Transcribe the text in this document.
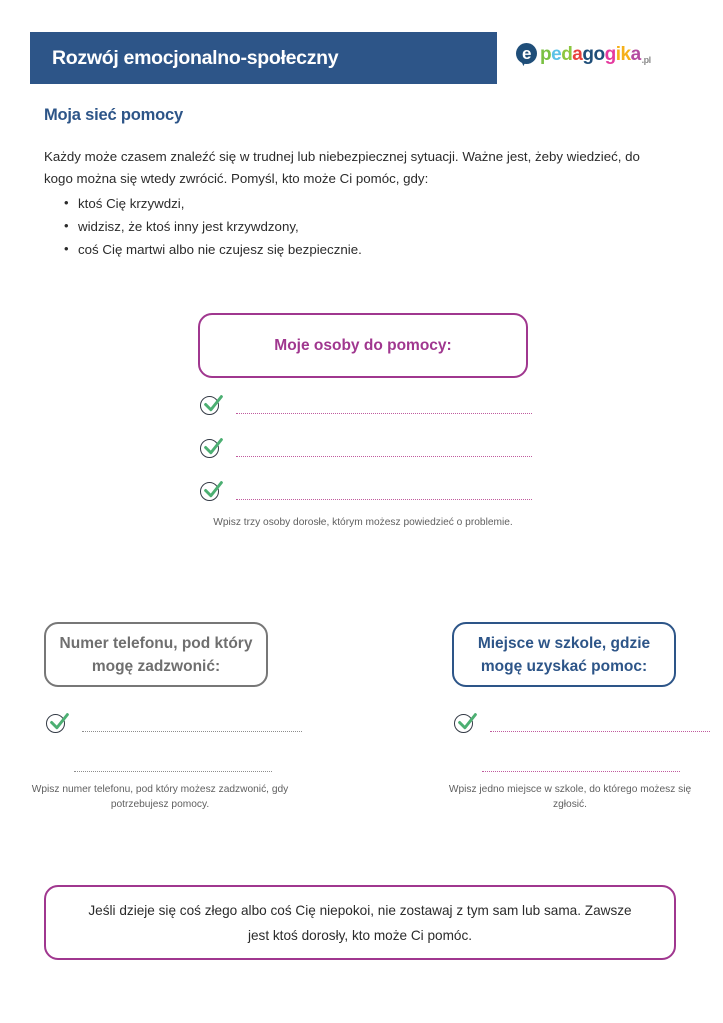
Rozwój emocjonalno-społeczny	e pedagogika .pl
Moja sieć pomocy
Każdy może czasem znaleźć się w trudnej lub niebezpiecznej sytuacji. Ważne jest, żeby wiedzieć, do kogo można się wtedy zwrócić. Pomyśl, kto może Ci pomóc, gdy:
• ktoś Cię krzywdzi,
• widzisz, że ktoś inny jest krzywdzony,
• coś Cię martwi albo nie czujesz się bezpiecznie.
Moje osoby do pomocy:
Wpisz trzy osoby dorosłe, którym możesz powiedzieć o problemie.
Numer telefonu, pod który mogę zadzwonić:
Wpisz numer telefonu, pod który możesz zadzwonić, gdy potrzebujesz pomocy.
Miejsce w szkole, gdzie mogę uzyskać pomoc:
Wpisz jedno miejsce w szkole, do którego możesz się zgłosić.
Jeśli dzieje się coś złego albo coś Cię niepokoi, nie zostawaj z tym sam lub sama. Zawsze jest ktoś dorosły, kto może Ci pomóc.
